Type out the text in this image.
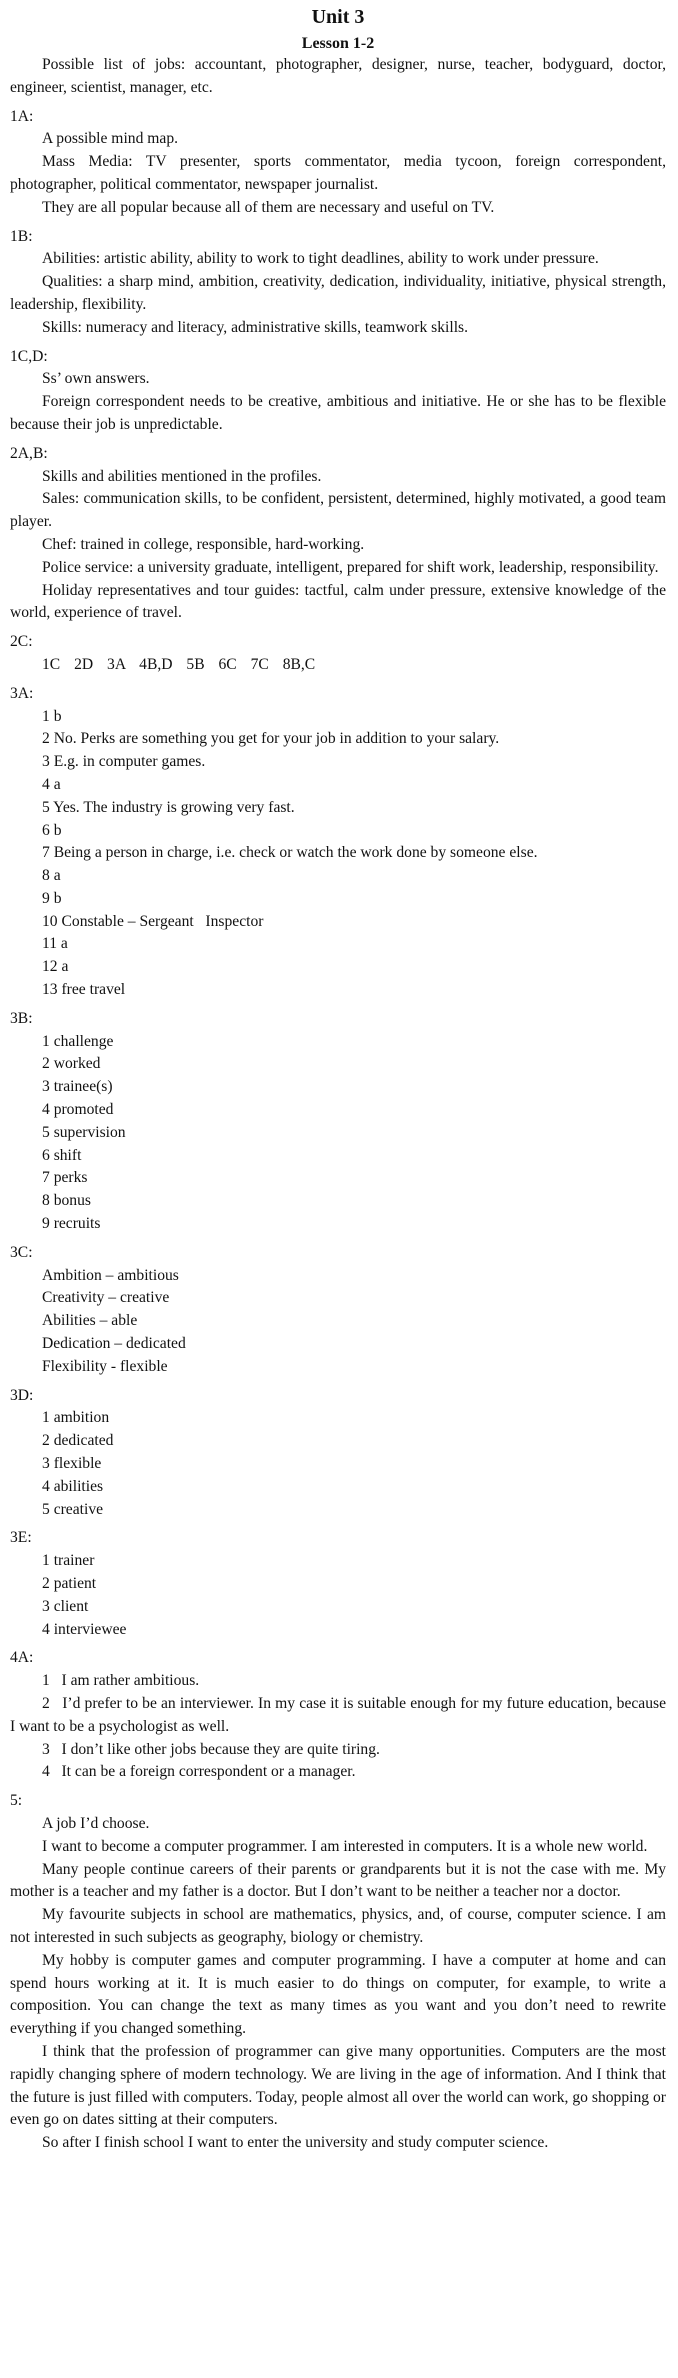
Unit 3
Lesson 1-2

Possible list of jobs: accountant, photographer, designer, nurse, teacher, bodyguard, doctor, engineer, scientist, manager, etc.

1A:

A possible mind map.

Mass Media: TV presenter, sports commentator, media tycoon, foreign correspondent, photographer, political commentator, newspaper journalist.

They are all popular because all of them are necessary and useful on TV.

1B:

Abilities: artistic ability, ability to work to tight deadlines, ability to work under pressure.

Qualities: a sharp mind, ambition, creativity, dedication, individuality, initiative, physical strength, leadership, flexibility.

Skills: numeracy and literacy, administrative skills, teamwork skills.

1C,D:

Ss’ own answers.

Foreign correspondent needs to be creative, ambitious and initiative. He or she has to be flexible because their job is unpredictable.

2A,B:

Skills and abilities mentioned in the profiles.

Sales: communication skills, to be confident, persistent, determined, highly motivated, a good team player.

Chef: trained in college, responsible, hard-working.

Police service: a university graduate, intelligent, prepared for shift work, leadership, responsibility.

Holiday representatives and tour guides: tactful, calm under pressure, extensive knowledge of the world, experience of travel.

2C:

1C 2D 3A 4B,D 5B 6C 7C 8B,C

3A:

1 b
2 No. Perks are something you get for your job in addition to your salary.
3 E.g. in computer games.
4 a
5 Yes. The industry is growing very fast.
6 b
7 Being a person in charge, i.e. check or watch the work done by someone else.
8 a
9 b
10 Constable – Sergeant   Inspector
11 a
12 a
13 free travel

3B:

1 challenge
2 worked
3 trainee(s)
4 promoted
5 supervision
6 shift
7 perks
8 bonus
9 recruits

3C:

Ambition – ambitious
Creativity – creative
Abilities – able
Dedication – dedicated
Flexibility - flexible

3D:

1 ambition
2 dedicated
3 flexible
4 abilities
5 creative

3E:

1 trainer
2 patient
3 client
4 interviewee

4A:

1   I am rather ambitious.

2   I’d prefer to be an interviewer. In my case it is suitable enough for my future education, because I want to be a psychologist as well.

3   I don’t like other jobs because they are quite tiring.

4   It can be a foreign correspondent or a manager.

5:

A job I’d choose.

I want to become a computer programmer. I am interested in computers. It is a whole new world.

Many people continue careers of their parents or grandparents but it is not the case with me. My mother is a teacher and my father is a doctor. But I don’t want to be neither a teacher nor a doctor.

My favourite subjects in school are mathematics, physics, and, of course, computer science. I am not interested in such subjects as geography, biology or chemistry.

My hobby is computer games and computer programming. I have a computer at home and can spend hours working at it. It is much easier to do things on computer, for example, to write a composition. You can change the text as many times as you want and you don’t need to rewrite everything if you changed something.

I think that the profession of programmer can give many opportunities. Computers are the most rapidly changing sphere of modern technology. We are living in the age of information. And I think that the future is just filled with computers. Today, people almost all over the world can work, go shopping or even go on dates sitting at their computers.

So after I finish school I want to enter the university and study computer science.
